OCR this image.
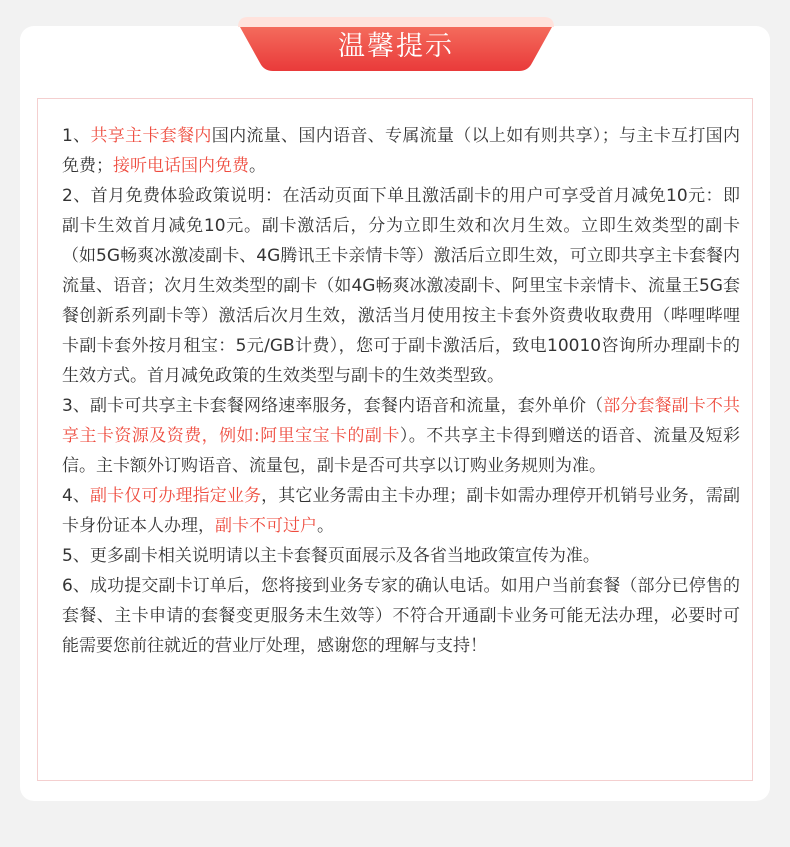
温馨提示

1、共享主卡套餐内国内流量、国内语音、专属流量（以上如有则共享）；与主卡互打国内免费；接听电话国内免费。

2、首月免费体验政策说明：在活动页面下单且激活副卡的用户可享受首月减免10元：即副卡生效首月减免10元。副卡激活后，分为立即生效和次月生效。立即生效类型的副卡（如5G畅爽冰激凌副卡、4G腾讯王卡亲情卡等）激活后立即生效，可立即共享主卡套餐内流量、语音；次月生效类型的副卡（如4G畅爽冰激凌副卡、阿里宝卡亲情卡、流量王5G套餐创新系列副卡等）激活后次月生效，激活当月使用按主卡套外资费收取费用（哔哩哔哩卡副卡套外按月租宝：5元/GB计费），您可于副卡激活后，致电10010咨询所办理副卡的生效方式。首月减免政策的生效类型与副卡的生效类型致。

3、副卡可共享主卡套餐网络速率服务，套餐内语音和流量，套外单价（部分套餐副卡不共享主卡资源及资费，例如:阿里宝宝卡的副卡）。不共享主卡得到赠送的语音、流量及短彩信。主卡额外订购语音、流量包，副卡是否可共享以订购业务规则为准。

4、副卡仅可办理指定业务，其它业务需由主卡办理；副卡如需办理停开机销号业务，需副卡身份证本人办理，副卡不可过户。

5、更多副卡相关说明请以主卡套餐页面展示及各省当地政策宣传为准。

6、成功提交副卡订单后，您将接到业务专家的确认电话。如用户当前套餐（部分已停售的套餐、主卡申请的套餐变更服务未生效等）不符合开通副卡业务可能无法办理，必要时可能需要您前往就近的营业厅处理，感谢您的理解与支持！
